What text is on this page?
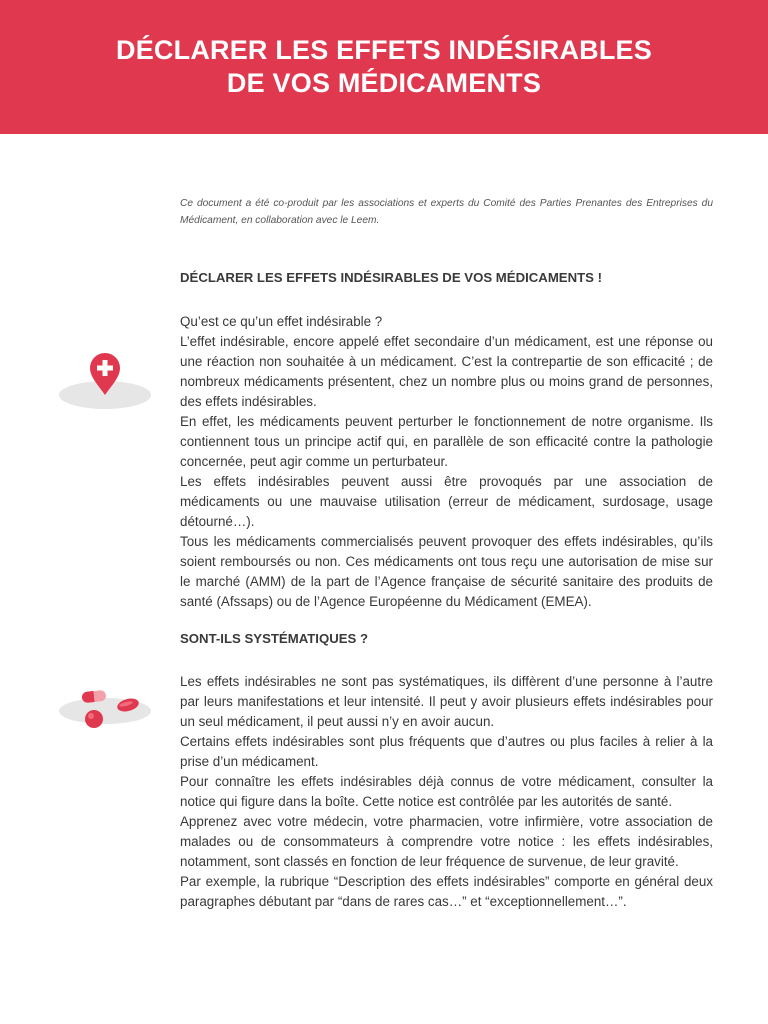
DÉCLARER LES EFFETS INDÉSIRABLES
DE VOS MÉDICAMENTS

Ce document a été co-produit par les associations et experts du Comité des Parties Prenantes des Entreprises du Médicament, en collaboration avec le Leem.

DÉCLARER LES EFFETS INDÉSIRABLES DE VOS MÉDICAMENTS !

Qu’est ce qu’un effet indésirable ?

L’effet indésirable, encore appelé effet secondaire d’un médicament, est une réponse ou une réaction non souhaitée à un médicament. C’est la contrepartie de son efficacité ; de nombreux médicaments présentent, chez un nombre plus ou moins grand de personnes, des effets indésirables.

En effet, les médicaments peuvent perturber le fonctionnement de notre organisme. Ils contiennent tous un principe actif qui, en parallèle de son efficacité contre la pathologie concernée, peut agir comme un perturbateur.

Les effets indésirables peuvent aussi être provoqués par une association de médicaments ou une mauvaise utilisation (erreur de médicament, surdosage, usage détourné…).

Tous les médicaments commercialisés peuvent provoquer des effets indésirables, qu’ils soient remboursés ou non. Ces médicaments ont tous reçu une autorisation de mise sur le marché (AMM) de la part de l’Agence française de sécurité sanitaire des produits de santé (Afssaps) ou de l’Agence Européenne du Médicament (EMEA).

SONT-ILS SYSTÉMATIQUES ?

Les effets indésirables ne sont pas systématiques, ils diffèrent d’une personne à l’autre par leurs manifestations et leur intensité. Il peut y avoir plusieurs effets indésirables pour un seul médicament, il peut aussi n’y en avoir aucun.

Certains effets indésirables sont plus fréquents que d’autres ou plus faciles à relier à la prise d’un médicament.

Pour connaître les effets indésirables déjà connus de votre médicament, consulter la notice qui figure dans la boîte. Cette notice est contrôlée par les autorités de santé.

Apprenez avec votre médecin, votre pharmacien, votre infirmière, votre association de malades ou de consommateurs à comprendre votre notice : les effets indésirables, notamment, sont classés en fonction de leur fréquence de survenue, de leur gravité.

Par exemple, la rubrique “Description des effets indésirables” comporte en général deux paragraphes débutant par “dans de rares cas…” et “exceptionnellement…”.
